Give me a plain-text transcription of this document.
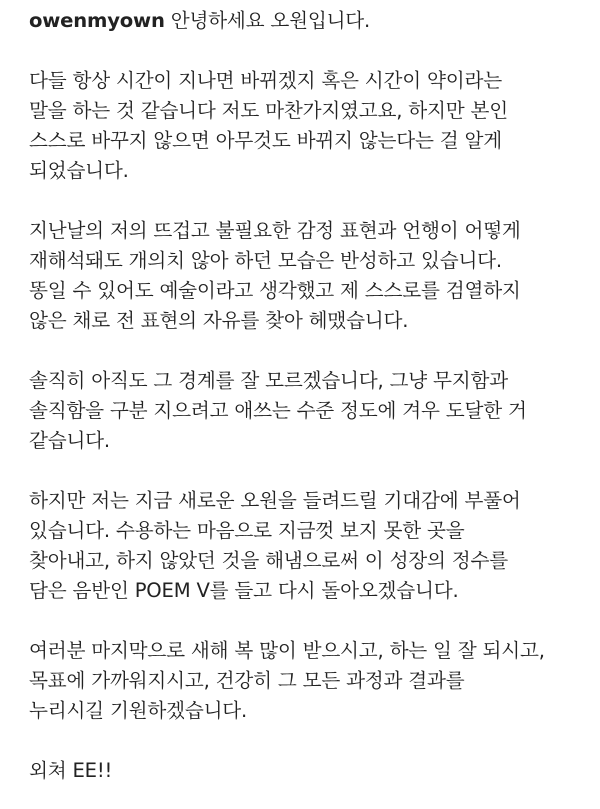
owenmyown 안녕하세요 오원입니다.
다들 항상 시간이 지나면 바뀌겠지 혹은 시간이 약이라는
말을 하는 것 같습니다 저도 마찬가지였고요, 하지만 본인
스스로 바꾸지 않으면 아무것도 바뀌지 않는다는 걸 알게
되었습니다.
지난날의 저의 뜨겁고 불필요한 감정 표현과 언행이 어떻게
재해석돼도 개의치 않아 하던 모습은 반성하고 있습니다.
똥일 수 있어도 예술이라고 생각했고 제 스스로를 검열하지
않은 채로 전 표현의 자유를 찾아 헤맸습니다.
솔직히 아직도 그 경계를 잘 모르겠습니다, 그냥 무지함과
솔직함을 구분 지으려고 애쓰는 수준 정도에 겨우 도달한 거
같습니다.
하지만 저는 지금 새로운 오원을 들려드릴 기대감에 부풀어
있습니다. 수용하는 마음으로 지금껏 보지 못한 곳을
찾아내고, 하지 않았던 것을 해냄으로써 이 성장의 정수를
담은 음반인 POEM V를 들고 다시 돌아오겠습니다.
여러분 마지막으로 새해 복 많이 받으시고, 하는 일 잘 되시고,
목표에 가까워지시고, 건강히 그 모든 과정과 결과를
누리시길 기원하겠습니다.
외쳐 EE!!
